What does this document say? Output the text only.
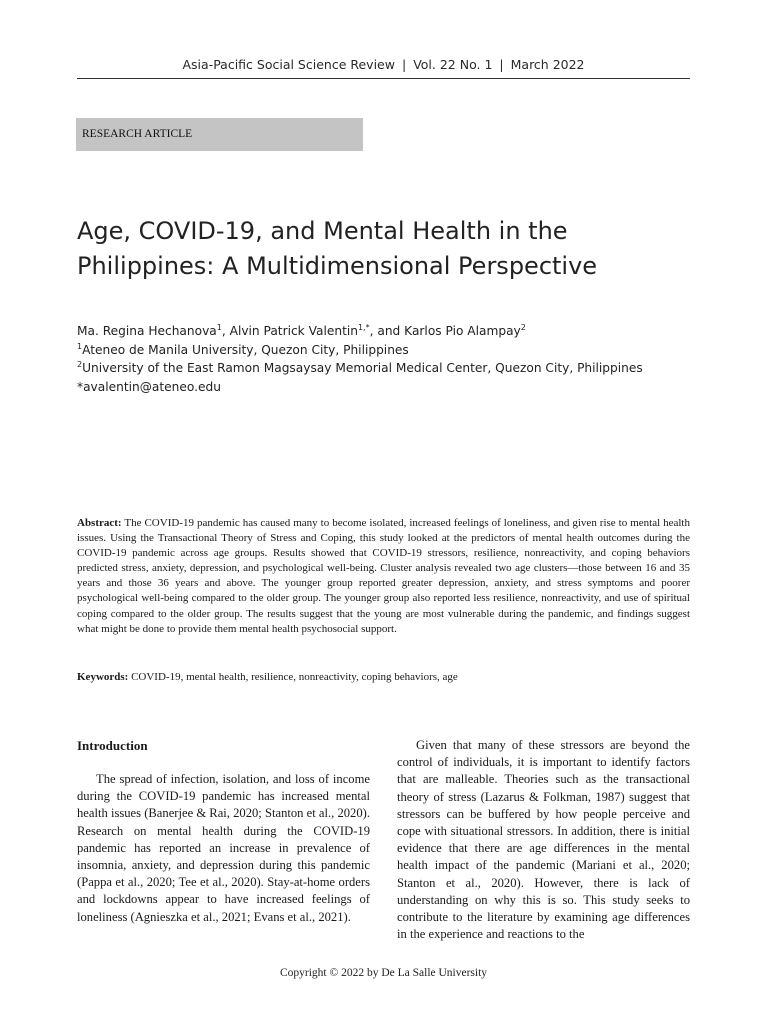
Asia-Pacific Social Science Review | Vol. 22 No. 1 | March 2022
RESEARCH ARTICLE
Age, COVID-19, and Mental Health in the
Philippines: A Multidimensional Perspective
Ma. Regina Hechanova$^1$, Alvin Patrick Valentin$^{1,*}$, and Karlos Pio Alampay$^2$
$^1$Ateneo de Manila University, Quezon City, Philippines
$^2$University of the East Ramon Magsaysay Memorial Medical Center, Quezon City, Philippines
*avalentin@ateneo.edu

Abstract: The COVID-19 pandemic has caused many to become isolated, increased feelings of loneliness, and given rise to mental health issues. Using the Transactional Theory of Stress and Coping, this study looked at the predictors of mental health outcomes during the COVID-19 pandemic across age groups. Results showed that COVID-19 stressors, resilience, nonreactivity, and coping behaviors predicted stress, anxiety, depression, and psychological well-being. Cluster analysis revealed two age clusters—those between 16 and 35 years and those 36 years and above. The younger group reported greater depression, anxiety, and stress symptoms and poorer psychological well-being compared to the older group. The younger group also reported less resilience, nonreactivity, and use of spiritual coping compared to the older group. The results suggest that the young are most vulnerable during the pandemic, and findings suggest what might be done to provide them mental health psychosocial support.

Keywords: COVID-19, mental health, resilience, nonreactivity, coping behaviors, age

Introduction

The spread of infection, isolation, and loss of income during the COVID-19 pandemic has increased mental health issues (Banerjee & Rai, 2020; Stanton et al., 2020). Research on mental health during the COVID-19 pandemic has reported an increase in prevalence of insomnia, anxiety, and depression during this pandemic (Pappa et al., 2020; Tee et al., 2020). Stay-at-home orders and lockdowns appear to have increased feelings of loneliness (Agnieszka et al., 2021; Evans et al., 2021).

Given that many of these stressors are beyond the control of individuals, it is important to identify factors that are malleable. Theories such as the transactional theory of stress (Lazarus & Folkman, 1987) suggest that stressors can be buffered by how people perceive and cope with situational stressors. In addition, there is initial evidence that there are age differences in the mental health impact of the pandemic (Mariani et al., 2020; Stanton et al., 2020). However, there is lack of understanding on why this is so. This study seeks to contribute to the literature by examining age differences in the experience and reactions to the

Copyright © 2022 by De La Salle University
